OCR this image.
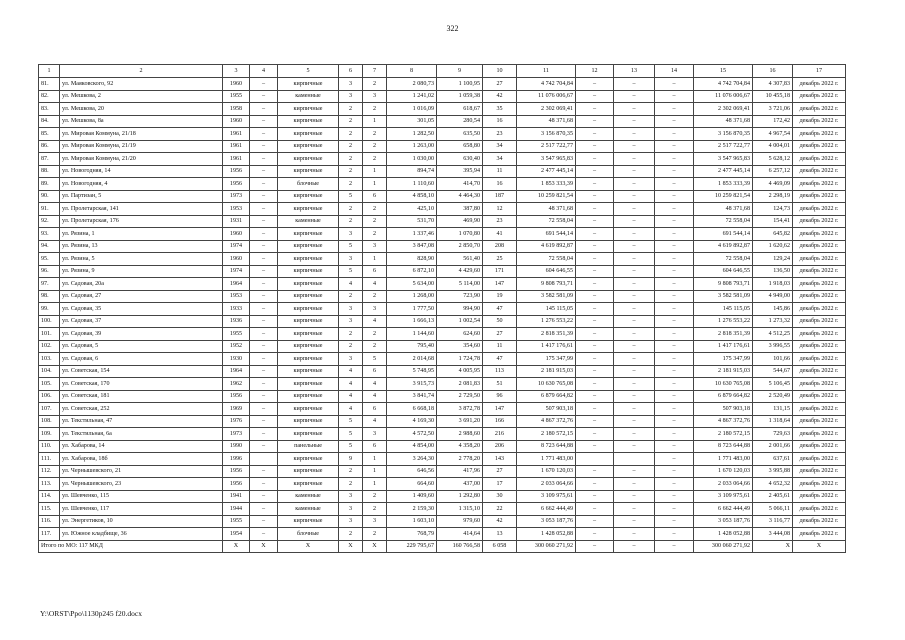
322
1	2	3	4	5	6	7	8	9	10	11	12	13	14	15	16	17
81.	ул. Маяковского, 92	1960	–	кирпичные	3	2	2 080,73	1 100,95	27	4 742 704,84	–	–	–	4 742 704,84	4 307,83	декабрь 2022 г.
82.	ул. Мешкова, 2	1955	–	каменные	3	3	1 241,02	1 059,38	42	11 076 006,67	–	–	–	11 076 006,67	10 455,18	декабрь 2022 г.
83.	ул. Мешкова, 20	1958	–	кирпичные	2	2	1 016,09	618,67	35	2 302 069,41	–	–	–	2 302 069,41	3 721,06	декабрь 2022 г.
84.	ул. Мешкова, 8а	1960	–	кирпичные	2	1	301,05	280,54	16	48 371,68	–	–	–	48 371,68	172,42	декабрь 2022 г.
85.	ул. Мировая Коммуна, 21/18	1961	–	кирпичные	2	2	1 282,50	635,50	23	3 156 870,35	–	–	–	3 156 870,35	4 967,54	декабрь 2022 г.
86.	ул. Мировая Коммуна, 21/19	1961	–	кирпичные	2	2	1 263,00	658,80	34	2 517 722,77	–	–	–	2 517 722,77	4 004,01	декабрь 2022 г.
87.	ул. Мировая Коммуна, 21/20	1961	–	кирпичные	2	2	1 030,00	630,40	34	3 547 965,83	–	–	–	3 547 965,83	5 628,12	декабрь 2022 г.
88.	ул. Новогодняя, 14	1956	–	кирпичные	2	1	894,74	395,94	11	2 477 445,14	–	–	–	2 477 445,14	6 257,12	декабрь 2022 г.
89.	ул. Новогодняя, 4	1956	–	блочные	2	1	1 110,60	414,70	16	1 853 333,39	–	–	–	1 853 333,39	4 469,09	декабрь 2022 г.
90.	ул. Партизан, 5	1973	–	кирпичные	5	6	4 858,10	4 464,30	187	10 259 821,54	–	–	–	10 259 821,54	2 298,19	декабрь 2022 г.
91.	ул. Пролетарская, 141	1953	–	кирпичные	2	2	425,10	387,80	12	48 371,68	–	–	–	48 371,68	124,73	декабрь 2022 г.
92.	ул. Пролетарская, 176	1931	–	каменные	2	2	531,70	469,90	23	72 558,04	–	–	–	72 558,04	154,41	декабрь 2022 г.
93.	ул. Рязина, 1	1960	–	кирпичные	3	2	1 337,46	1 070,80	41	691 544,14	–	–	–	691 544,14	645,82	декабрь 2022 г.
94.	ул. Рязина, 13	1974	–	кирпичные	5	3	3 847,08	2 850,70	208	4 619 892,87	–	–	–	4 619 892,87	1 620,62	декабрь 2022 г.
95.	ул. Рязина, 5	1960	–	кирпичные	3	1	828,90	561,40	25	72 558,04	–	–	–	72 558,04	129,24	декабрь 2022 г.
96.	ул. Рязина, 9	1974	–	кирпичные	5	6	6 872,10	4 429,60	171	604 646,55	–	–	–	604 646,55	136,50	декабрь 2022 г.
97.	ул. Садовая, 20а	1964	–	кирпичные	4	4	5 634,00	5 114,00	147	9 808 793,71	–	–	–	9 808 793,71	1 918,03	декабрь 2022 г.
98.	ул. Садовая, 27	1953	–	кирпичные	2	2	1 268,00	723,90	19	3 582 581,09	–	–	–	3 582 581,09	4 949,00	декабрь 2022 г.
99.	ул. Садовая, 35	1933	–	кирпичные	3	3	1 777,50	994,90	47	145 115,05	–	–	–	145 115,05	145,86	декабрь 2022 г.
100.	ул. Садовая, 37	1936	–	кирпичные	3	4	1 666,13	1 002,54	50	1 276 553,22	–	–	–	1 276 553,22	1 273,32	декабрь 2022 г.
101.	ул. Садовая, 39	1955	–	кирпичные	2	2	1 144,60	624,60	27	2 818 351,39	–	–	–	2 818 351,39	4 512,25	декабрь 2022 г.
102.	ул. Садовая, 5	1952	–	кирпичные	2	2	795,40	354,60	11	1 417 176,61	–	–	–	1 417 176,61	3 996,55	декабрь 2022 г.
103.	ул. Садовая, 6	1930	–	кирпичные	3	5	2 014,68	1 724,78	47	175 347,99	–	–	–	175 347,99	101,66	декабрь 2022 г.
104.	ул. Советская, 154	1964	–	кирпичные	4	6	5 748,95	4 005,95	113	2 181 915,03	–	–	–	2 181 915,03	544,67	декабрь 2022 г.
105.	ул. Советская, 170	1962	–	кирпичные	4	4	3 915,73	2 081,83	51	10 630 765,08	–	–	–	10 630 765,08	5 106,45	декабрь 2022 г.
106.	ул. Советская, 181	1956	–	кирпичные	4	4	3 841,74	2 729,50	96	6 879 664,82	–	–	–	6 879 664,82	2 520,49	декабрь 2022 г.
107.	ул. Советская, 252	1969	–	кирпичные	4	6	6 668,18	3 872,78	147	507 903,18	–	–	–	507 903,18	131,15	декабрь 2022 г.
108.	ул. Текстильная, 47	1976	–	кирпичные	5	4	4 169,30	3 691,20	166	4 867 372,76	–	–	–	4 867 372,76	1 318,64	декабрь 2022 г.
109.	ул. Текстильная, 6а	1973	–	кирпичные	5	3	4 572,50	2 988,60	216	2 180 572,15	–	–	–	2 180 572,15	729,63	декабрь 2022 г.
110.	ул. Хабарова, 14	1990	–	панельные	5	6	4 854,00	4 358,20	206	8 723 644,88	–	–	–	8 723 644,88	2 001,66	декабрь 2022 г.
111.	ул. Хабарова, 18б	1996		кирпичные	9	1	3 264,30	2 778,20	143	1 771 483,00			–	1 771 483,00	637,61	декабрь 2022 г.
112.	ул. Чернышевского, 21	1956	–	кирпичные	2	1	646,56	417,96	27	1 670 120,03	–	–	–	1 670 120,03	3 995,88	декабрь 2022 г.
113.	ул. Чернышевского, 23	1956	–	кирпичные	2	1	664,60	437,00	17	2 033 064,66	–	–	–	2 033 064,66	4 652,32	декабрь 2022 г.
114.	ул. Шевченко, 115	1941	–	каменные	3	2	1 409,60	1 292,80	30	3 109 975,61	–	–	–	3 109 975,61	2 405,61	декабрь 2022 г.
115.	ул. Шевченко, 117	1944	–	каменные	3	2	2 159,30	1 315,10	22	6 662 444,49	–	–	–	6 662 444,49	5 066,11	декабрь 2022 г.
116.	ул. Энергетиков, 10	1955	–	кирпичные	3	3	1 603,10	979,60	42	3 053 187,76	–	–	–	3 053 187,76	3 116,77	декабрь 2022 г.
117.	ул. Южное кладбище, 36	1954	–	блочные	2	2	768,79	414,64	13	1 428 052,88	–	–	–	1 428 052,88	3 444,08	декабрь 2022 г.
Итого по МО: 117 МКД		X	X	X	X	X	229 795,67	160 766,58	6 058	300 060 271,92	–	–	–	300 060 271,92	X	X
Y:\ORST\Ppo\1130p245 f20.docx
